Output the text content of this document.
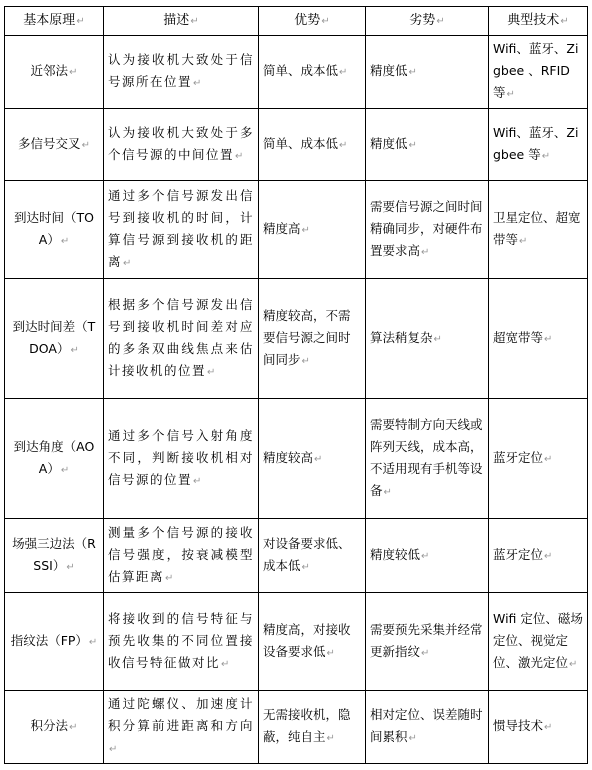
基本原理↵	描述↵	优势↵	劣势↵	典型技术↵
近邻法↵	认为接收机大致处于信号源所在位置↵	简单、成本低↵	精度低↵	Wifi、蓝牙、Zigbee 、RFID 等↵
多信号交叉↵	认为接收机大致处于多个信号源的中间位置↵	简单、成本低↵	精度低↵	Wifi、蓝牙、Zigbee 等↵
到达时间（TOA）↵	通过多个信号源发出信号到接收机的时间，计算信号源到接收机的距离↵	精度高↵	需要信号源之间时间精确同步，对硬件布置要求高↵	卫星定位、超宽带等↵
到达时间差（TDOA）↵	根据多个信号源发出信号到接收机时间差对应的多条双曲线焦点来估计接收机的位置↵	精度较高，不需要信号源之间时间同步↵	算法稍复杂↵	超宽带等↵
到达角度（AOA）↵	通过多个信号入射角度不同，判断接收机相对信号源的位置↵	精度较高↵	需要特制方向天线或阵列天线，成本高，不适用现有手机等设备↵	蓝牙定位↵
场强三边法（RSSI）↵	测量多个信号源的接收信号强度，按衰减模型估算距离↵	对设备要求低、成本低↵	精度较低↵	蓝牙定位↵
指纹法（FP）↵	将接收到的信号特征与预先收集的不同位置接收信号特征做对比↵	精度高，对接收设备要求低↵	需要预先采集并经常更新指纹↵	Wifi 定位、磁场定位、视觉定位、激光定位↵
积分法↵	通过陀螺仪、加速度计积分算前进距离和方向↵	无需接收机，隐蔽，纯自主↵	相对定位、误差随时间累积↵	惯导技术↵
